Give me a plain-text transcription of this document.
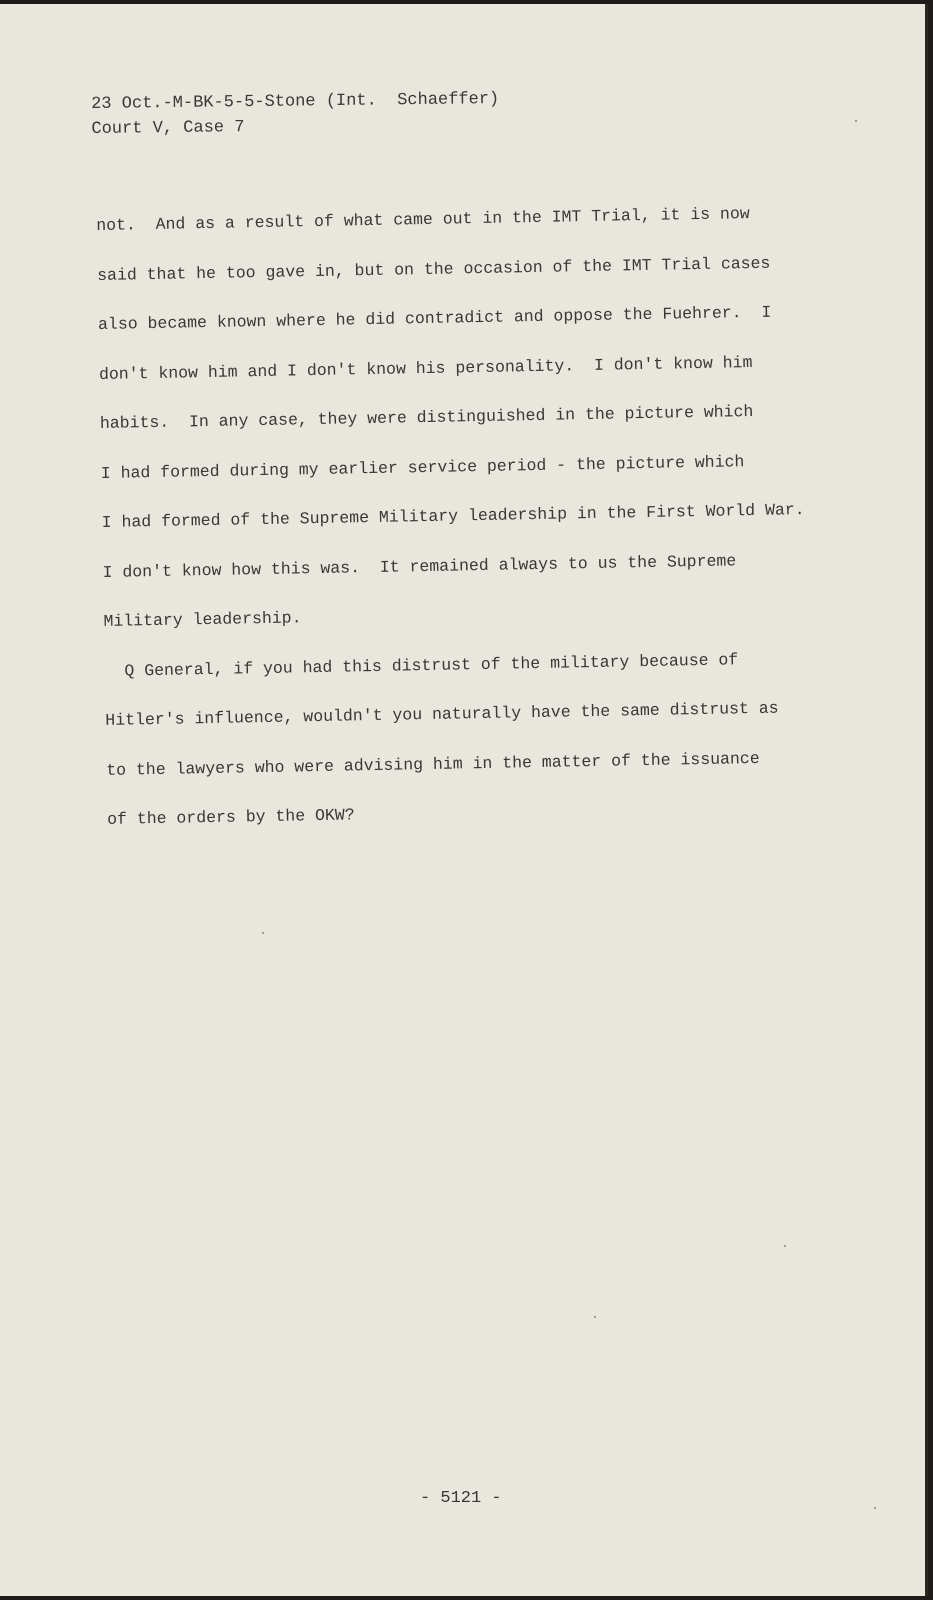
23 Oct.-M-BK-5-5-Stone (Int.  Schaeffer)
Court V, Case 7
not.  And as a result of what came out in the IMT Trial, it is now
said that he too gave in, but on the occasion of the IMT Trial cases
also became known where he did contradict and oppose the Fuehrer.  I
don't know him and I don't know his personality.  I don't know him
habits.  In any case, they were distinguished in the picture which
I had formed during my earlier service period - the picture which
I had formed of the Supreme Military leadership in the First World War.
I don't know how this was.  It remained always to us the Supreme
Military leadership.
Q General, if you had this distrust of the military because of
Hitler's influence, wouldn't you naturally have the same distrust as
to the lawyers who were advising him in the matter of the issuance
of the orders by the OKW?
- 5121 -
